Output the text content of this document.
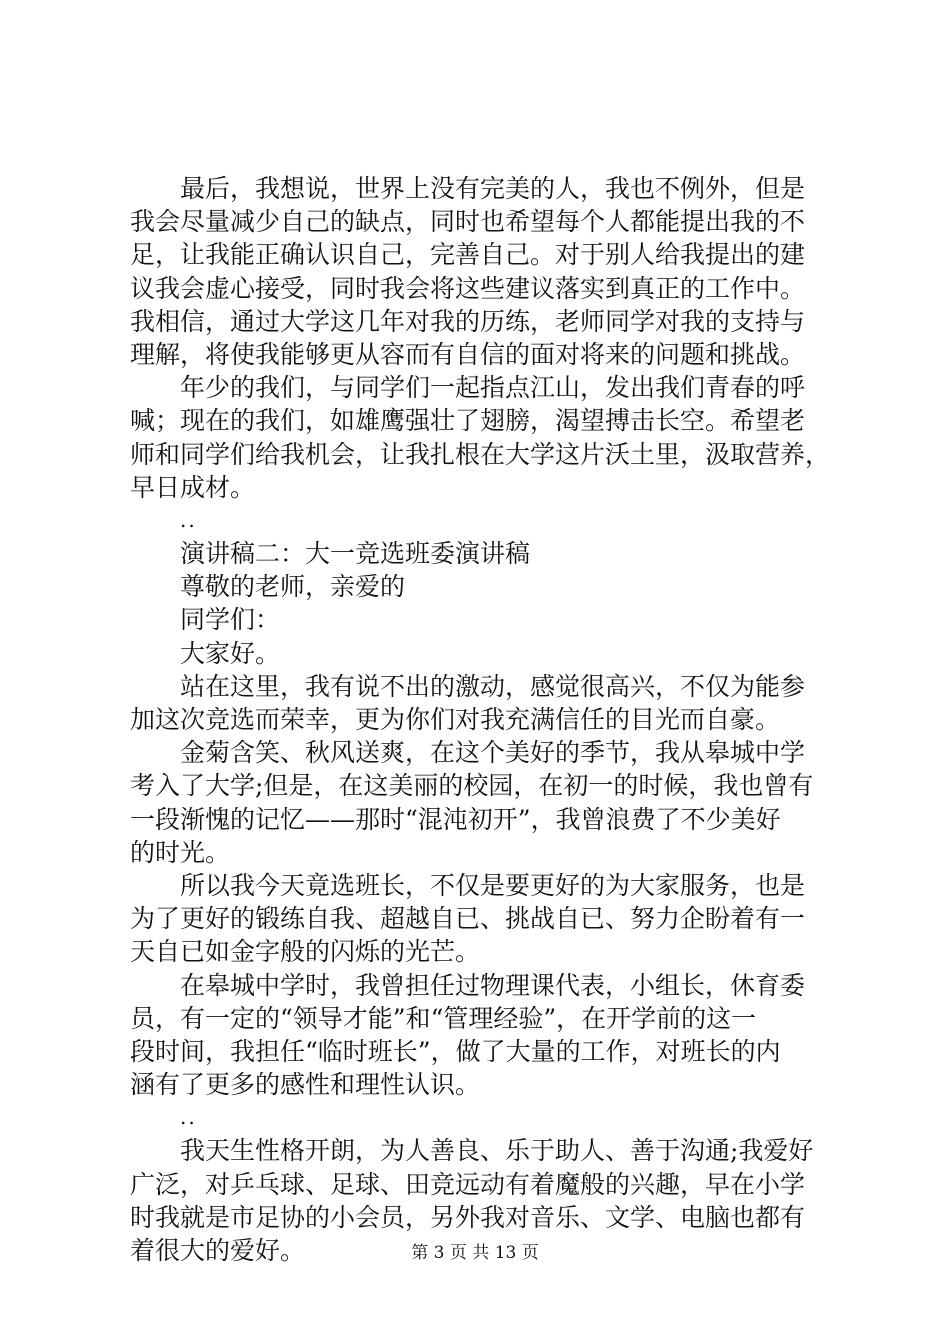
最后，我想说，世界上没有完美的人，我也不例外，但是
我会尽量减少自己的缺点，同时也希望每个人都能提出我的不
足，让我能正确认识自己，完善自己。对于别人给我提出的建
议我会虚心接受，同时我会将这些建议落实到真正的工作中。
我相信，通过大学这几年对我的历练，老师同学对我的支持与
理解，将使我能够更从容而有自信的面对将来的问题和挑战。
年少的我们，与同学们一起指点江山，发出我们青春的呼
喊；现在的我们，如雄鹰强壮了翅膀，渴望搏击长空。希望老
师和同学们给我机会，让我扎根在大学这片沃土里，汲取营养，
早日成材。
..
演讲稿二：大一竞选班委演讲稿
尊敬的老师，亲爱的
同学们：
大家好。
站在这里，我有说不出的激动，感觉很高兴，不仅为能参
加这次竞选而荣幸，更为你们对我充满信任的目光而自豪。
金菊含笑、秋风送爽，在这个美好的季节，我从皋城中学
考入了大学;但是，在这美丽的校园，在初一的时候，我也曾有
一段渐愧的记忆——那时“混沌初开”，我曾浪费了不少美好
的时光。
所以我今天竟选班长，不仅是要更好的为大家服务，也是
为了更好的锻练自我、超越自已、挑战自已、努力企盼着有一
天自已如金字般的闪烁的光芒。
在皋城中学时，我曾担任过物理课代表，小组长，休育委
员，有一定的“领导才能”和“管理经验”，在开学前的这一
段时间，我担任“临时班长”，做了大量的工作，对班长的内
涵有了更多的感性和理性认识。
..
我天生性格开朗，为人善良、乐于助人、善于沟通;我爱好
广泛，对乒乓球、足球、田竞远动有着魔般的兴趣，早在小学
时我就是市足协的小会员，另外我对音乐、文学、电脑也都有
着很大的爱好。	第 3 页 共 13 页
